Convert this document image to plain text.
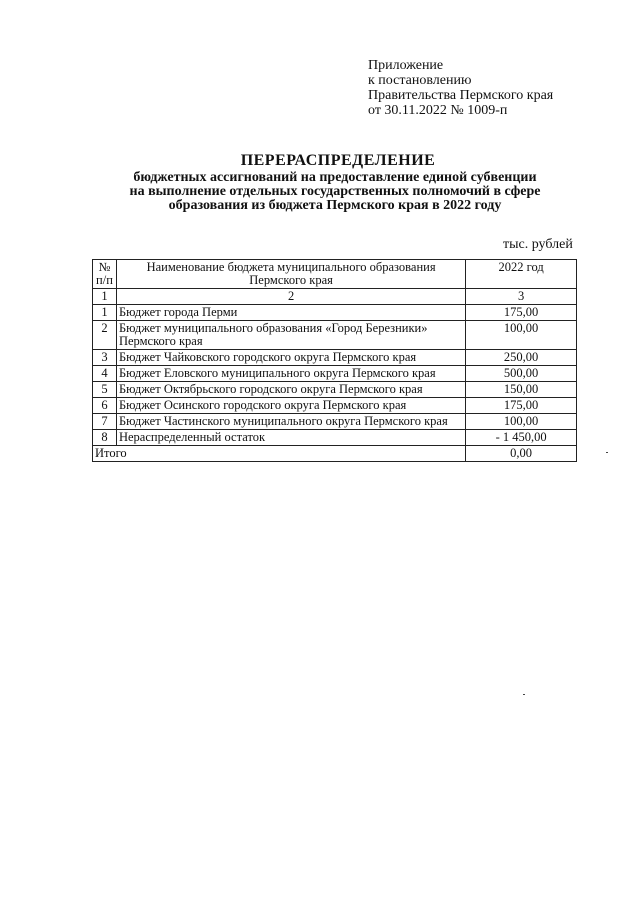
Приложение
к постановлению
Правительства Пермского края
от 30.11.2022 № 1009-п
ПЕРЕРАСПРЕДЕЛЕНИЕ
бюджетных ассигнований на предоставление единой субвенции
на выполнение отдельных государственных полномочий в сфере
образования из бюджета Пермского края в 2022 году
тыс. рублей
№ п/п	Наименование бюджета муниципального образования Пермского края	2022 год
1	2	3
1	Бюджет города Перми	175,00
2	Бюджет муниципального образования «Город Березники» Пермского края	100,00
3	Бюджет Чайковского городского округа Пермского края	250,00
4	Бюджет Еловского муниципального округа Пермского края	500,00
5	Бюджет Октябрьского городского округа Пермского края	150,00
6	Бюджет Осинского городского округа Пермского края	175,00
7	Бюджет Частинского муниципального округа Пермского края	100,00
8	Нераспределенный остаток	- 1 450,00
Итого		0,00
